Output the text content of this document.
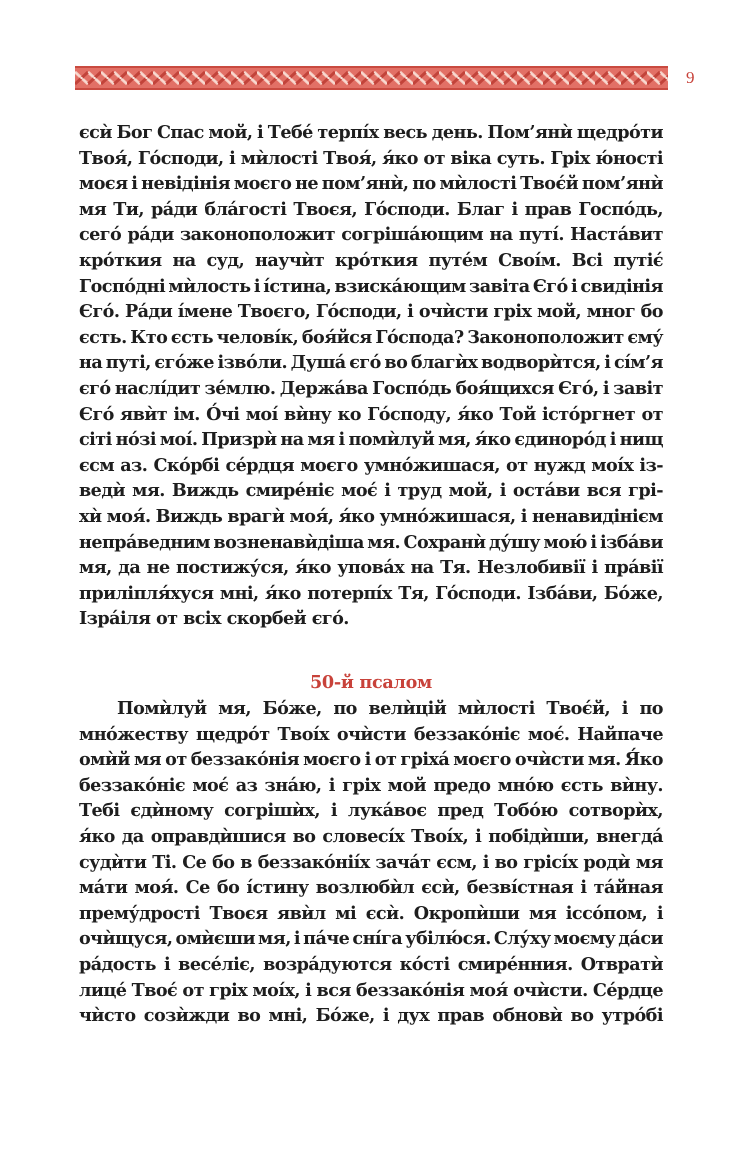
9
єсѝ Бог Спас мой, і Тебе́ терпі́х весь день. Пом’янѝ щедро́ти
Твоя́, Го́споди, і мѝлості Твоя́, я́ко от віка суть. Гріх ю́ності
моєя і невідінія моєго не пом’янѝ, по мѝлості Твоє́й пом’янѝ
мя Ти, ра́ди бла́гості Твоєя, Го́споди. Благ і прав Госпо́дь,
сего́ ра́ди законоположит согріша́ющим на путі́. Наста́вит
кро́ткия на суд, научѝт кро́ткия путе́м Своі́м. Всі путіє́
Госпо́дні мѝлость і і́стина, взиска́ющим завіта Єго́ і свидінія
Єго́. Ра́ди і́мене Твоєго, Го́споди, і очѝсти гріх мой, мног бо
єсть. Кто єсть челові́к, боя́йся Го́спода? Законоположит єму́
на путі, єго́же ізво́ли. Душа́ єго́ во благѝх водворѝтся, і сі́м’я
єго́ наслі́дит зе́млю. Держа́ва Госпо́дь боя́щихся Єго́, і завіт
Єго́ явѝт ім. О́чі моі́ вѝну ко Го́споду, я́ко Той істо́ргнет от
сіті но́зі моі́. Призрѝ на мя і помѝлуй мя, я́ко єдиноро́д і нищ
єсм аз. Ско́рбі се́рдця моєго умно́жишася, от нужд моі́х із-
ведѝ мя. Виждь смире́ніє моє́ і труд мой, і оста́ви вся грі-
хѝ моя́. Виждь врагѝ моя́, я́ко умно́жишася, і ненавидінієм
непра́ведним возненавѝдіша мя. Сохранѝ ду́шу мою́ і ізба́ви
мя, да не постижу́ся, я́ко упова́х на Тя. Незлобивії і пра́вії
приліпля́хуся мні, я́ко потерпі́х Тя, Го́споди. Ізба́ви, Бо́же,
Ізра́іля от всіх скорбей єго́.
50-й псалом
Помѝлуй мя, Бо́же, по велѝцій мѝлості Твоє́й, і по
мно́жеству щедро́т Твоі́х очѝсти беззако́ніє моє́. Найпаче
омѝй мя от беззако́нія моєго і от гріха́ моєго очѝсти мя. Я́ко
беззако́ніє моє́ аз зна́ю, і гріх мой предо мно́ю єсть вѝну.
Тебі єдѝному согрішѝх, і лука́воє пред Тобо́ю сотворѝх,
я́ко да оправдѝшися во словесі́х Твоі́х, і побідѝши, внегда́
судѝти Ті. Се бо в беззако́ніі́х зача́т єсм, і во грісі́х родѝ мя
ма́ти моя́. Се бо і́стину возлюбѝл єсѝ, безві́стная і та́йная
прему́дрості Твоєя явѝл мі єсѝ. Окропѝши мя іссо́пом, і
очѝщуся, омѝєши мя, і па́че сні́га убілю́ся. Слу́ху моєму да́си
ра́дость і весе́ліє, возра́дуются ко́сті смире́нния. Отвратѝ
лице́ Твоє́ от гріх моі́х, і вся беззако́нія моя́ очѝсти. Се́рдце
чѝсто созѝжди во мні, Бо́же, і дух прав обновѝ во утро́бі
